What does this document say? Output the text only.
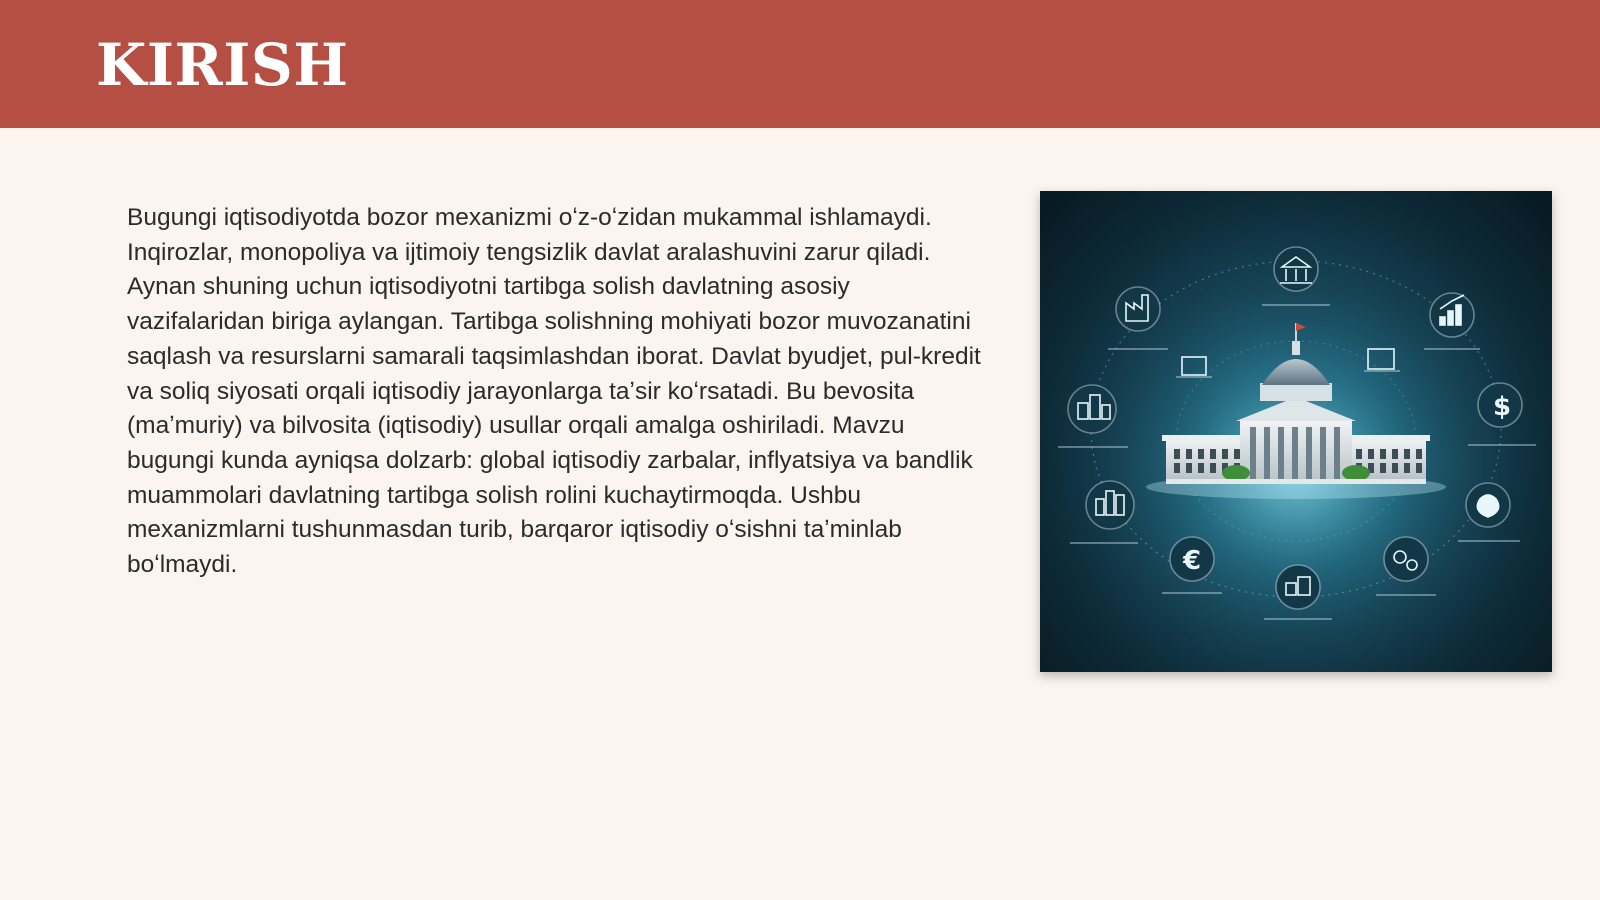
KIRISH

Bugungi iqtisodiyotda bozor mexanizmi oʻz-oʻzidan mukammal ishlamaydi. Inqirozlar, monopoliya va ijtimoiy tengsizlik davlat aralashuvini zarur qiladi. Aynan shuning uchun iqtisodiyotni tartibga solish davlatning asosiy vazifalaridan biriga aylangan. Tartibga solishning mohiyati bozor muvozanatini saqlash va resurslarni samarali taqsimlashdan iborat. Davlat byudjet, pul-kredit va soliq siyosati orqali iqtisodiy jarayonlarga taʼsir koʻrsatadi. Bu bevosita (maʼmuriy) va bilvosita (iqtisodiy) usullar orqali amalga oshiriladi. Mavzu bugungi kunda ayniqsa dolzarb: global iqtisodiy zarbalar, inflyatsiya va bandlik muammolari davlatning tartibga solish rolini kuchaytirmoqda. Ushbu mexanizmlarni tushunmasdan turib, barqaror iqtisodiy oʻsishni taʼminlab boʻlmaydi.

$
€
